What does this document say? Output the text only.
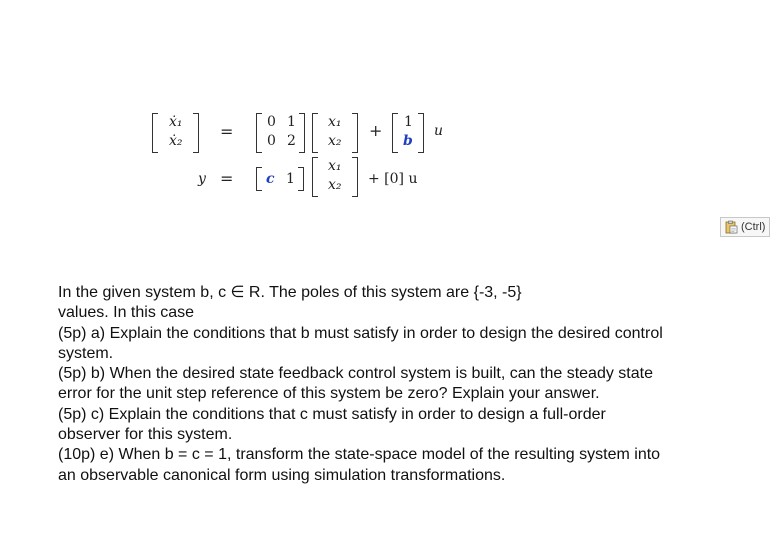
ẋ₁
ẋ₂ = 0 1
0 2
x₁
x₂
+ 1
b
u
y = c 1
x₁
x₂ + [0] u
(Ctrl)

In the given system b, c ∈ R. The poles of this system are {-3, -5}

values. In this case

(5p) a) Explain the conditions that b must satisfy in order to design the desired control

system.

(5p) b) When the desired state feedback control system is built, can the steady state

error for the unit step reference of this system be zero? Explain your answer.

(5p) c) Explain the conditions that c must satisfy in order to design a full-order

observer for this system.

(10p) e) When b = c = 1, transform the state-space model of the resulting system into

an observable canonical form using simulation transformations.
